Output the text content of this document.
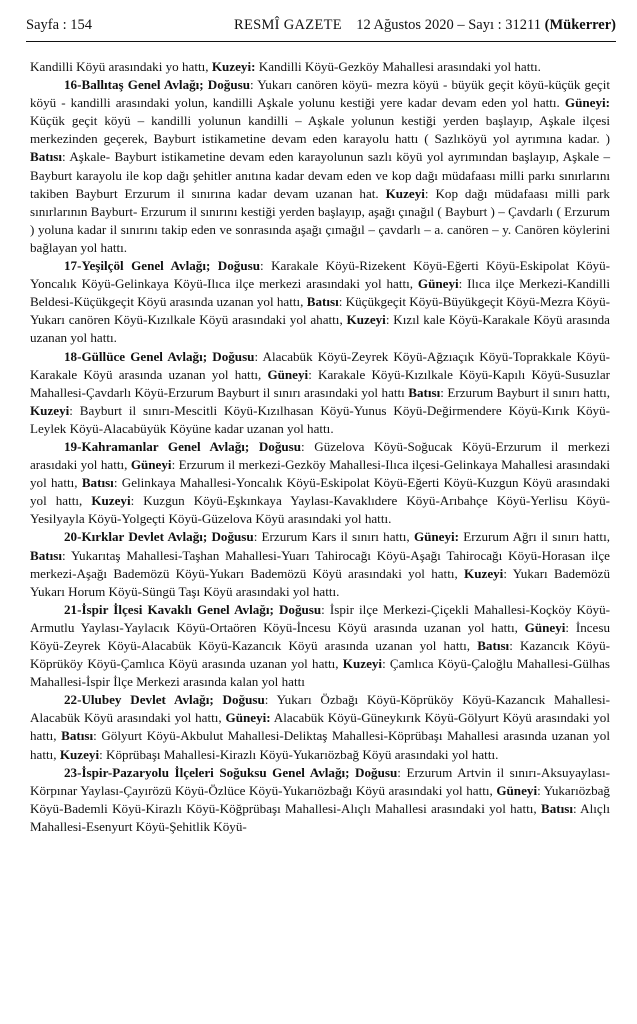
Sayfa : 154	RESMÎ GAZETE 12 Ağustos 2020 – Sayı : 31211 (Mükerrer)

Kandilli Köyü arasındaki yo hattı, Kuzeyi: Kandilli Köyü-Gezköy Mahallesi arasındaki yol hattı.

16-Ballıtaş Genel Avlağı; Doğusu: Yukarı canören köyü- mezra köyü - büyük geçit köyü-küçük geçit köyü - kandilli arasındaki yolun, kandilli Aşkale yolunu kestiği yere kadar devam eden yol hattı. Güneyi: Küçük geçit köyü – kandilli yolunun kandilli – Aşkale yolunun kestiği yerden başlayıp, Aşkale ilçesi merkezinden geçerek, Bayburt istikametine devam eden karayolu hattı ( Sazlıköyü yol ayrımına kadar. ) Batısı: Aşkale- Bayburt istikametine devam eden karayolunun sazlı köyü yol ayrımından başlayıp, Aşkale – Bayburt karayolu ile kop dağı şehitler anıtına kadar devam eden ve kop dağı müdafaası milli parkı sınırlarını takiben Bayburt Erzurum il sınırına kadar devam uzanan hat. Kuzeyi: Kop dağı müdafaası milli park sınırlarının Bayburt- Erzurum il sınırını kestiği yerden başlayıp, aşağı çınağıl ( Bayburt ) – Çavdarlı ( Erzurum ) yoluna kadar il sınırını takip eden ve sonrasında aşağı çımağıl – çavdarlı – a. canören – y. Canören köylerini bağlayan yol hattı.

17-Yeşilçöl Genel Avlağı; Doğusu: Karakale Köyü-Rizekent Köyü-Eğerti Köyü-Eskipolat Köyü-Yoncalık Köyü-Gelinkaya Köyü-Ilıca ilçe merkezi arasındaki yol hattı, Güneyi: Ilıca ilçe Merkezi-Kandilli Beldesi-Küçükgeçit Köyü arasında uzanan yol hattı, Batısı: Küçükgeçit Köyü-Büyükgeçit Köyü-Mezra Köyü-Yukarı canören Köyü-Kızılkale Köyü arasındaki yol ahattı, Kuzeyi: Kızıl kale Köyü-Karakale Köyü arasında uzanan yol hattı.

18-Güllüce Genel Avlağı; Doğusu: Alacabük Köyü-Zeyrek Köyü-Ağzıaçık Köyü-Toprakkale Köyü-Karakale Köyü arasında uzanan yol hattı, Güneyi: Karakale Köyü-Kızılkale Köyü-Kapılı Köyü-Susuzlar Mahallesi-Çavdarlı Köyü-Erzurum Bayburt il sınırı arasındaki yol hattı Batısı: Erzurum Bayburt il sınırı hattı, Kuzeyi: Bayburt il sınırı-Mescitli Köyü-Kızılhasan Köyü-Yunus Köyü-Değirmendere Köyü-Kırık Köyü-Leylek Köyü-Alacabüyük Köyüne kadar uzanan yol hattı.

19-Kahramanlar Genel Avlağı; Doğusu: Güzelova Köyü-Soğucak Köyü-Erzurum il merkezi arasıdaki yol hattı, Güneyi: Erzurum il merkezi-Gezköy Mahallesi-Ilıca ilçesi-Gelinkaya Mahallesi arasındaki yol hattı, Batısı: Gelinkaya Mahallesi-Yoncalık Köyü-Eskipolat Köyü-Eğerti Köyü-Kuzgun Köyü arasındaki yol hattı, Kuzeyi: Kuzgun Köyü-Eşkınkaya Yaylası-Kavaklıdere Köyü-Arıbahçe Köyü-Yerlisu Köyü-Yesilyayla Köyü-Yolgeçti Köyü-Güzelova Köyü arasındaki yol hattı.

20-Kırklar Devlet Avlağı; Doğusu: Erzurum Kars il sınırı hattı, Güneyi: Erzurum Ağrı il sınırı hattı, Batısı: Yukarıtaş Mahallesi-Taşhan Mahallesi-Yuarı Tahirocağı Köyü-Aşağı Tahirocağı Köyü-Horasan ilçe merkezi-Aşağı Bademözü Köyü-Yukarı Bademözü Köyü arasındaki yol hattı, Kuzeyi: Yukarı Bademözü Yukarı Horum Köyü-Süngü Taşı Köyü arasındaki yol hattı.

21-İspir İlçesi Kavaklı Genel Avlağı; Doğusu: İspir ilçe Merkezi-Çiçekli Mahallesi-Koçköy Köyü-Armutlu Yaylası-Yaylacık Köyü-Ortaören Köyü-İncesu Köyü arasında uzanan yol hattı, Güneyi: İncesu Köyü-Zeyrek Köyü-Alacabük Köyü-Kazancık Köyü arasında uzanan yol hattı, Batısı: Kazancık Köyü-Köprüköy Köyü-Çamlıca Köyü arasında uzanan yol hattı, Kuzeyi: Çamlıca Köyü-Çaloğlu Mahallesi-Gülhas Mahallesi-İspir İlçe Merkezi arasında kalan yol hattı

22-Ulubey Devlet Avlağı; Doğusu: Yukarı Özbağı Köyü-Köprüköy Köyü-Kazancık Mahallesi-Alacabük Köyü arasındaki yol hattı, Güneyi: Alacabük Köyü-Güneykırık Köyü-Gölyurt Köyü arasındaki yol hattı, Batısı: Gölyurt Köyü-Akbulut Mahallesi-Deliktaş Mahallesi-Köprübaşı Mahallesi arasında uzanan yol hattı, Kuzeyi: Köprübaşı Mahallesi-Kirazlı Köyü-Yukarıözbağ Köyü arasındaki yol hattı.

23-İspir-Pazaryolu İlçeleri Soğuksu Genel Avlağı; Doğusu: Erzurum Artvin il sınırı-Aksuyaylası-Körpınar Yaylası-Çayırözü Köyü-Özlüce Köyü-Yukarıözbağı Köyü arasındaki yol hattı, Güneyi: Yukarıözbağ Köyü-Bademli Köyü-Kirazlı Köyü-Köğprübaşı Mahallesi-Alıçlı Mahallesi arasındaki yol hattı, Batısı: Alıçlı Mahallesi-Esenyurt Köyü-Şehitlik Köyü-
